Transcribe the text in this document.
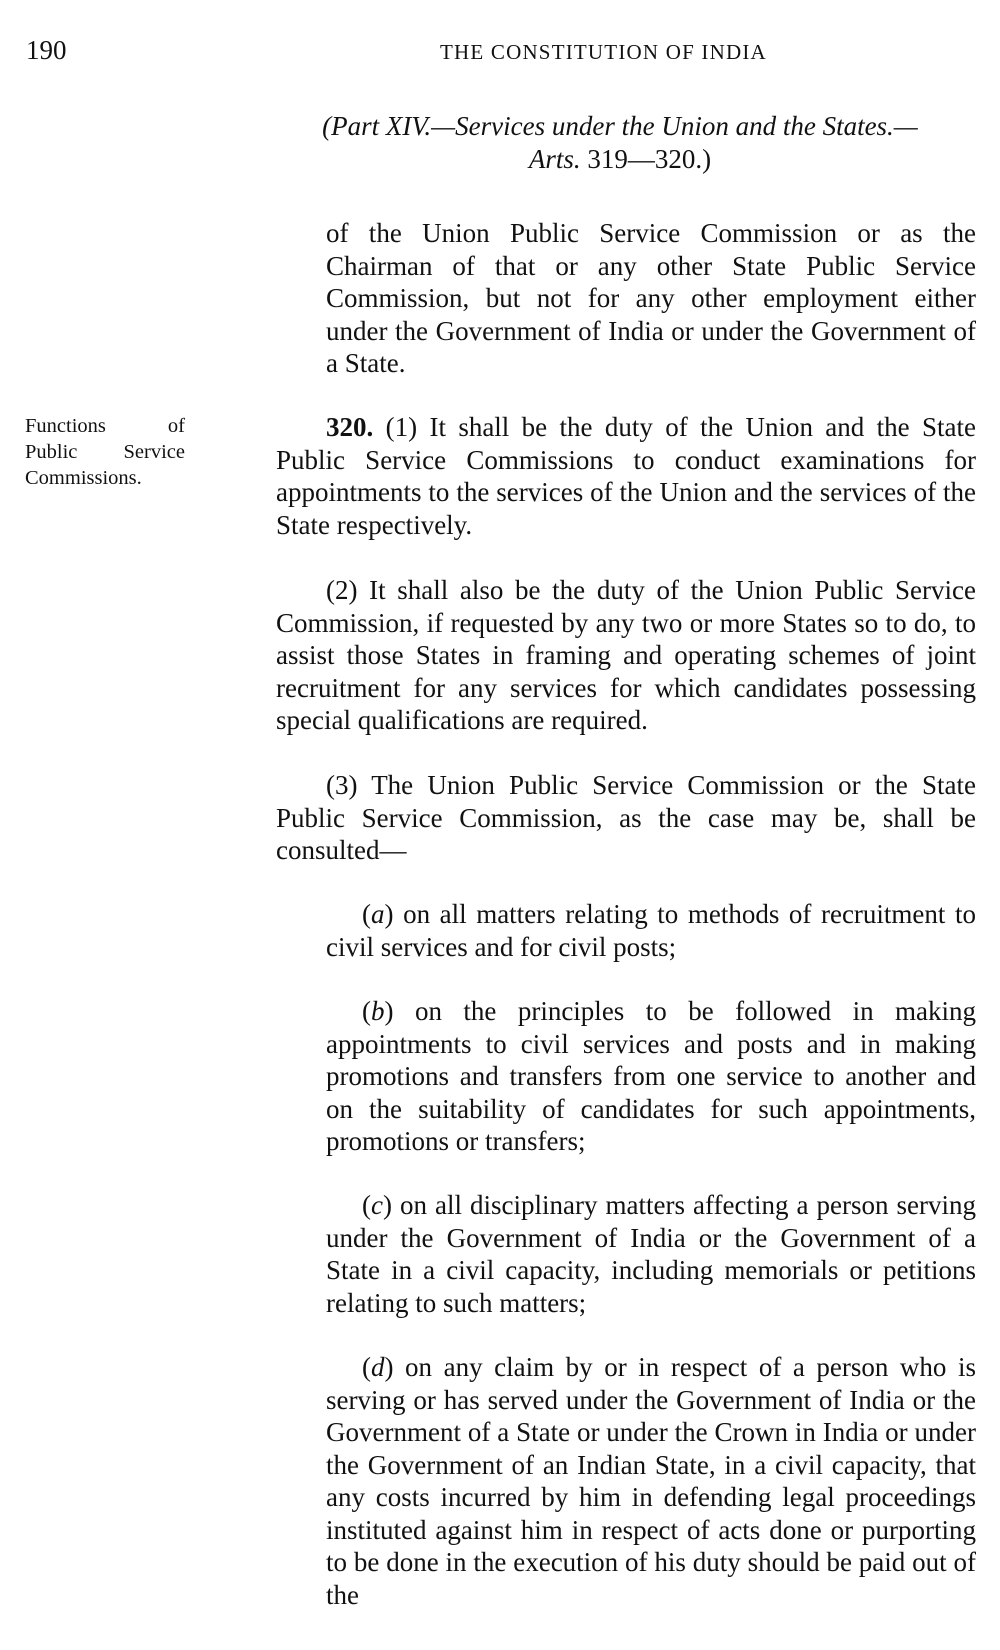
190	THE CONSTITUTION OF INDIA
(Part XIV.—Services under the Union and the States.—
Arts. 319—320.)
of the Union Public Service Commission or as the Chairman of that or any other State Public Service Commission, but not for any other employment either under the Government of India or under the Government of a State.
Functions of Public Service Commissions.
320. (1) It shall be the duty of the Union and the State Public Service Commissions to conduct examinations for appointments to the services of the Union and the services of the State respectively.
(2) It shall also be the duty of the Union Public Service Commission, if requested by any two or more States so to do, to assist those States in framing and operating schemes of joint recruitment for any services for which candidates possessing special qualifications are required.
(3) The Union Public Service Commission or the State Public Service Commission, as the case may be, shall be consulted—
(a) on all matters relating to methods of recruitment to civil services and for civil posts;
(b) on the principles to be followed in making appointments to civil services and posts and in making promotions and transfers from one service to another and on the suitability of candidates for such appointments, promotions or transfers;
(c) on all disciplinary matters affecting a person serving under the Government of India or the Government of a State in a civil capacity, including memorials or petitions relating to such matters;
(d) on any claim by or in respect of a person who is serving or has served under the Government of India or the Government of a State or under the Crown in India or under the Government of an Indian State, in a civil capacity, that any costs incurred by him in defending legal proceedings instituted against him in respect of acts done or purporting to be done in the execution of his duty should be paid out of the
